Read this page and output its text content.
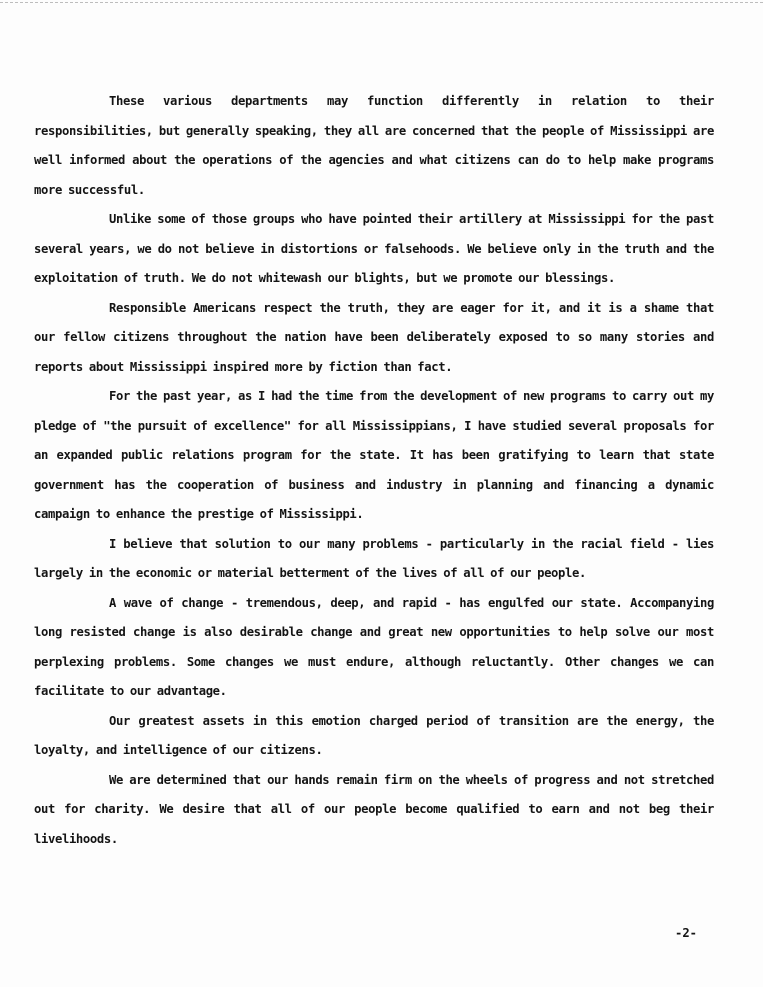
These various departments may function differently in relation to their responsibilities, but generally speaking, they all are concerned that the people of Mississippi are well informed about the operations of the agencies and what citizens can do to help make programs more successful.

Unlike some of those groups who have pointed their artillery at Mississippi for the past several years, we do not believe in distortions or falsehoods. We believe only in the truth and the exploitation of truth. We do not whitewash our blights, but we promote our blessings.

Responsible Americans respect the truth, they are eager for it, and it is a shame that our fellow citizens throughout the nation have been deliberately exposed to so many stories and reports about Mississippi inspired more by fiction than fact.

For the past year, as I had the time from the development of new programs to carry out my pledge of "the pursuit of excellence" for all Mississippians, I have studied several proposals for an expanded public relations program for the state. It has been gratifying to learn that state government has the cooperation of business and industry in planning and financing a dynamic campaign to enhance the prestige of Mississippi.

I believe that solution to our many problems - particularly in the racial field - lies largely in the economic or material betterment of the lives of all of our people.

A wave of change - tremendous, deep, and rapid - has engulfed our state. Accompanying long resisted change is also desirable change and great new opportunities to help solve our most perplexing problems. Some changes we must endure, although reluctantly. Other changes we can facilitate to our advantage.

Our greatest assets in this emotion charged period of transition are the energy, the loyalty, and intelligence of our citizens.

We are determined that our hands remain firm on the wheels of progress and not stretched out for charity. We desire that all of our people become qualified to earn and not beg their livelihoods.

-2-
